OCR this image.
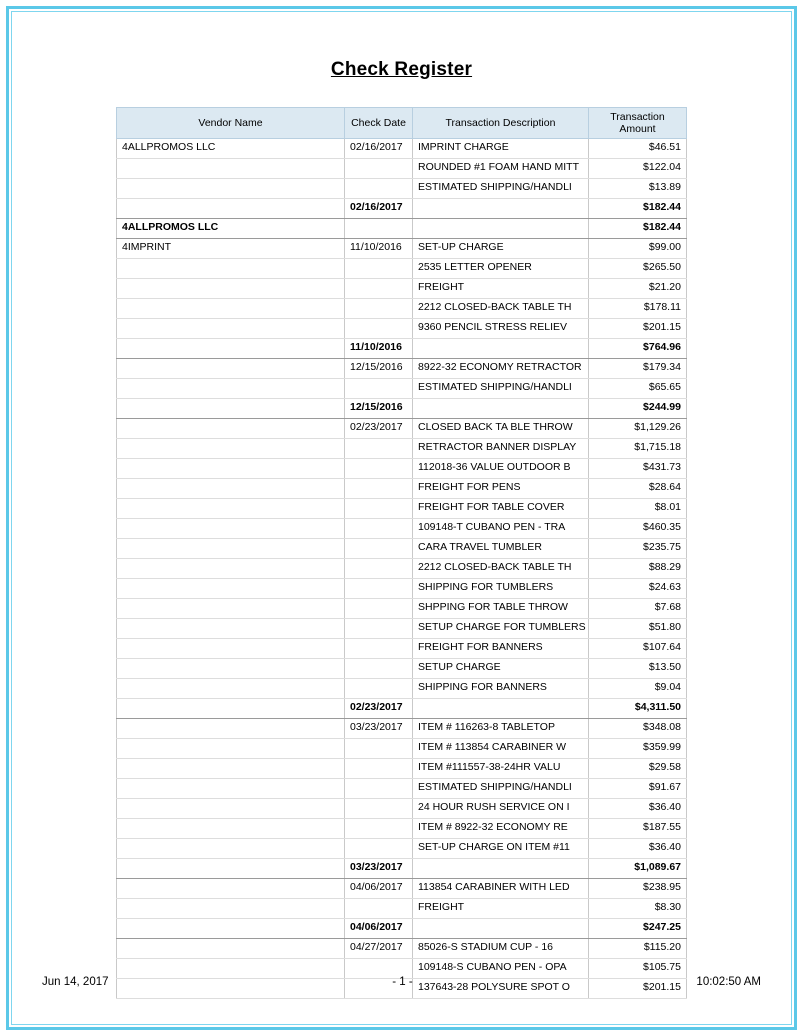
Check Register
Vendor Name	Check Date	Transaction Description	Transaction Amount
4ALLPROMOS LLC	02/16/2017	IMPRINT CHARGE	$46.51
		ROUNDED #1 FOAM HAND MITT	$122.04
		ESTIMATED SHIPPING/HANDLI	$13.89
	02/16/2017		$182.44
4ALLPROMOS LLC			$182.44
4IMPRINT	11/10/2016	SET-UP CHARGE	$99.00
		2535 LETTER OPENER	$265.50
		FREIGHT	$21.20
		2212 CLOSED-BACK TABLE TH	$178.11
		9360 PENCIL STRESS RELIEV	$201.15
	11/10/2016		$764.96
	12/15/2016	8922-32 ECONOMY RETRACTOR	$179.34
		ESTIMATED SHIPPING/HANDLI	$65.65
	12/15/2016		$244.99
	02/23/2017	CLOSED BACK TA BLE THROW	$1,129.26
		RETRACTOR BANNER DISPLAY	$1,715.18
		112018-36 VALUE OUTDOOR B	$431.73
		FREIGHT FOR PENS	$28.64
		FREIGHT FOR TABLE COVER	$8.01
		109148-T CUBANO PEN - TRA	$460.35
		CARA TRAVEL TUMBLER	$235.75
		2212 CLOSED-BACK TABLE TH	$88.29
		SHIPPING FOR TUMBLERS	$24.63
		SHPPING FOR TABLE THROW	$7.68
		SETUP CHARGE FOR TUMBLERS	$51.80
		FREIGHT FOR BANNERS	$107.64
		SETUP CHARGE	$13.50
		SHIPPING FOR BANNERS	$9.04
	02/23/2017		$4,311.50
	03/23/2017	ITEM # 116263-8 TABLETOP	$348.08
		ITEM # 113854 CARABINER W	$359.99
		ITEM #111557-38-24HR VALU	$29.58
		ESTIMATED SHIPPING/HANDLI	$91.67
		24 HOUR RUSH SERVICE ON I	$36.40
		ITEM # 8922-32 ECONOMY RE	$187.55
		SET-UP CHARGE ON ITEM #11	$36.40
	03/23/2017		$1,089.67
	04/06/2017	113854 CARABINER WITH LED	$238.95
		FREIGHT	$8.30
	04/06/2017		$247.25
	04/27/2017	85026-S STADIUM CUP - 16	$115.20
		109148-S CUBANO PEN - OPA	$105.75
		137643-28 POLYSURE SPOT O	$201.15
Jun 14, 2017	- 1 -	10:02:50 AM
